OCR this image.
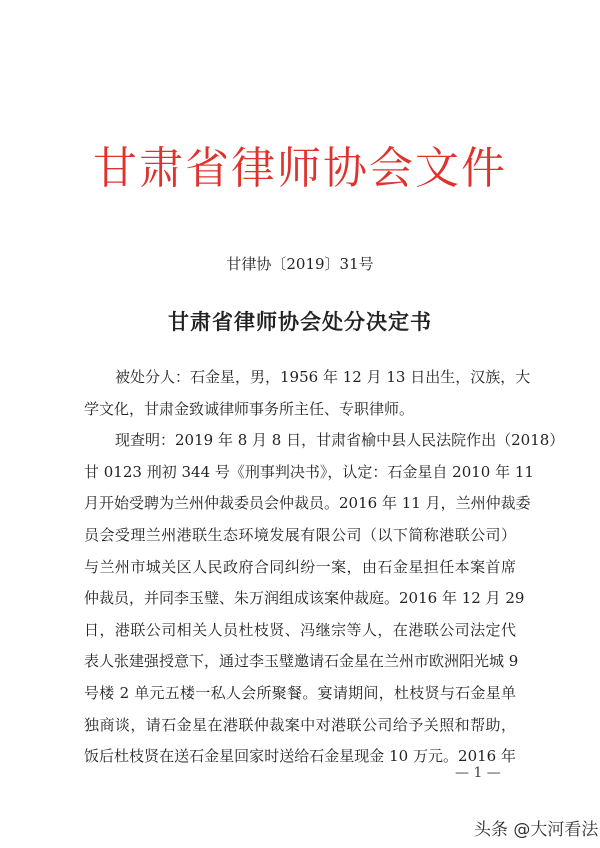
甘肃省律师协会文件
甘律协〔2019〕31号
甘肃省律师协会处分决定书
被处分人：石金星，男，1956 年 12 月 13 日出生，汉族，大
学文化，甘肃金致诚律师事务所主任、专职律师。
现查明：2019 年 8 月 8 日，甘肃省榆中县人民法院作出（2018）
甘 0123 刑初 344 号《刑事判决书》，认定：石金星自 2010 年 11
月开始受聘为兰州仲裁委员会仲裁员。2016 年 11 月，兰州仲裁委
员会受理兰州港联生态环境发展有限公司（以下简称港联公司）
与兰州市城关区人民政府合同纠纷一案，由石金星担任本案首席
仲裁员，并同李玉璧、朱万润组成该案仲裁庭。2016 年 12 月 29
日，港联公司相关人员杜枝贤、冯继宗等人，在港联公司法定代
表人张建强授意下，通过李玉璧邀请石金星在兰州市欧洲阳光城 9
号楼 2 单元五楼一私人会所聚餐。宴请期间，杜枝贤与石金星单
独商谈，请石金星在港联仲裁案中对港联公司给予关照和帮助，
饭后杜枝贤在送石金星回家时送给石金星现金 10 万元。2016 年
— 1 —
头条 @大河看法
